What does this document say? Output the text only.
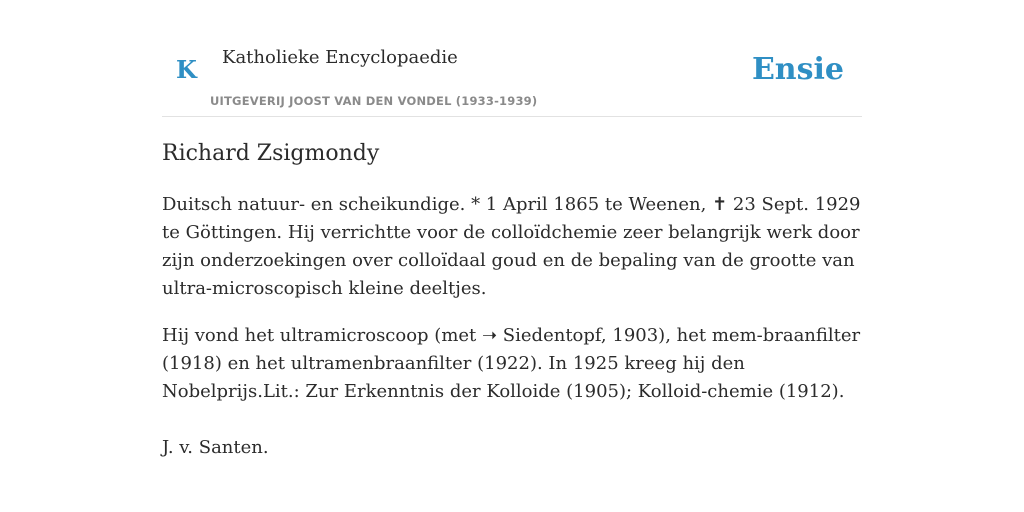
K Katholieke Encyclopaedie
UITGEVERIJ JOOST VAN DEN VONDEL (1933-1939)
Ensie
Richard Zsigmondy

Duitsch natuur- en scheikundige. * 1 April 1865 te Weenen, ✝ 23 Sept. 1929 te Göttingen. Hij verrichtte voor de colloïdchemie zeer belangrijk werk door zijn onderzoekingen over colloïdaal goud en de bepaling van de grootte van ultra-microscopisch kleine deeltjes.

Hij vond het ultramicroscoop (met ➝ Siedentopf, 1903), het mem-braanfilter (1918) en het ultramenbraanfilter (1922). In 1925 kreeg hij den Nobelprijs.Lit.: Zur Erkenntnis der Kolloide (1905); Kolloid-chemie (1912).

J. v. Santen.
